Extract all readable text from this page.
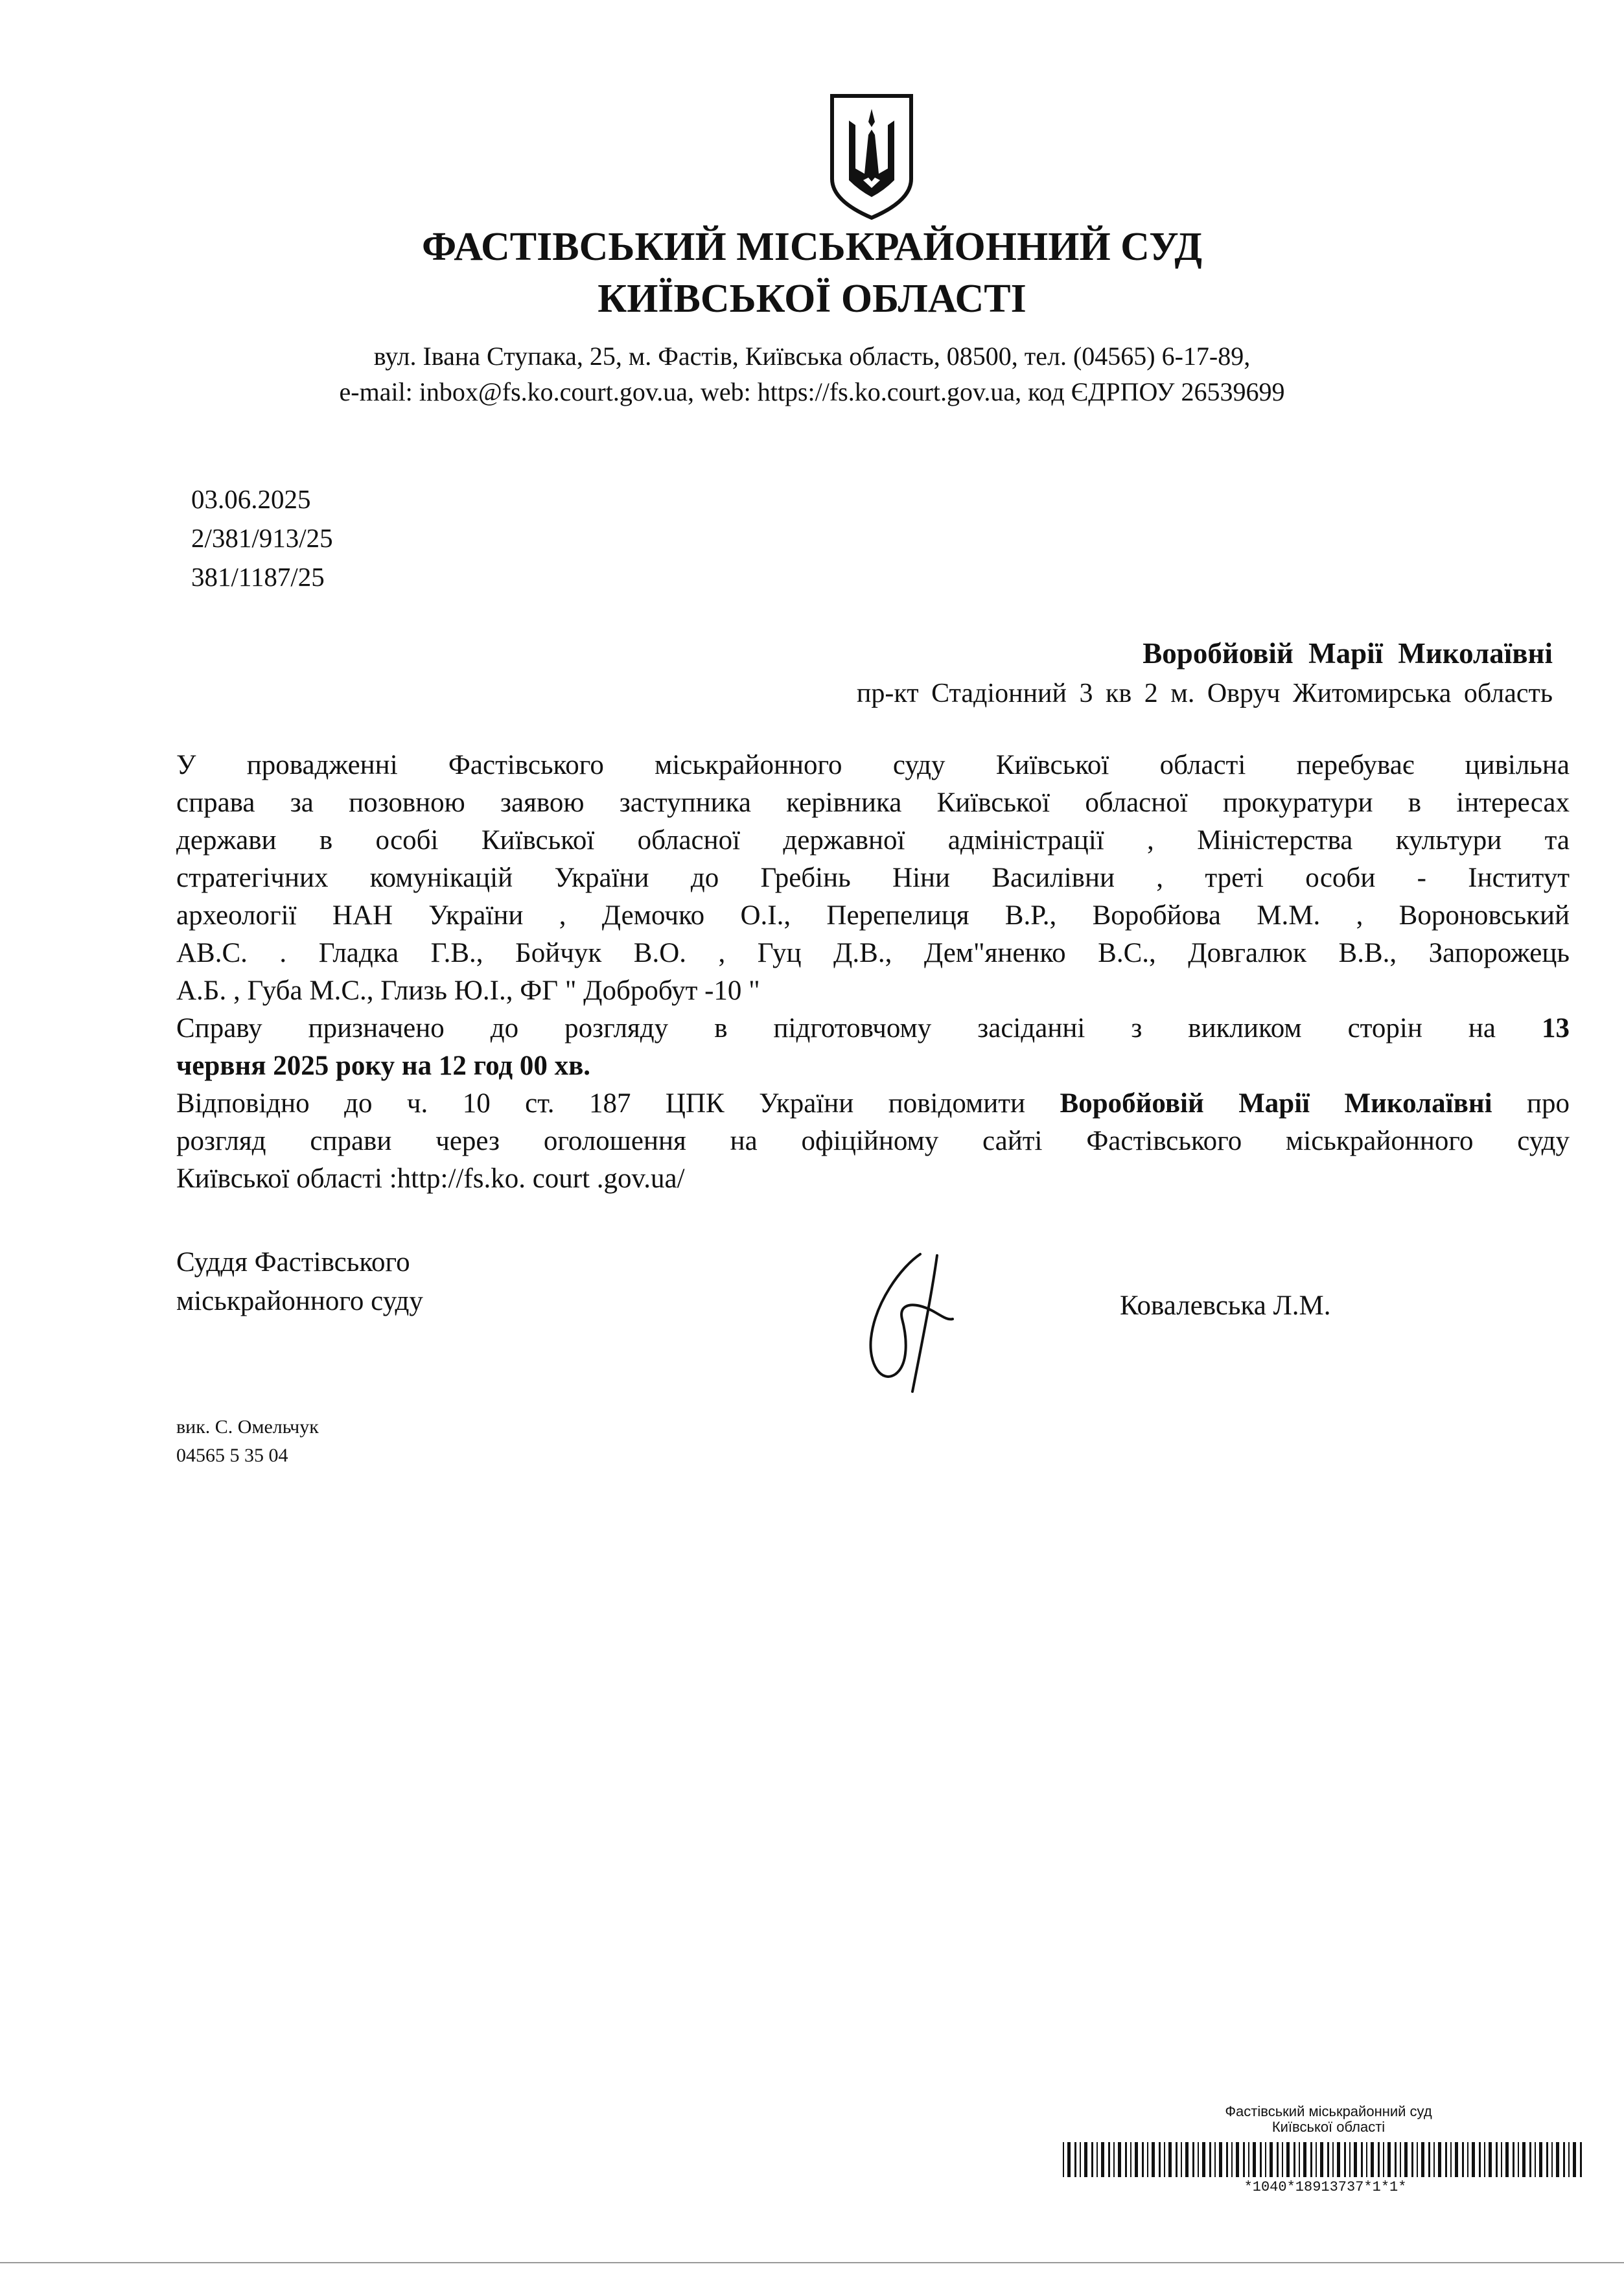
ФАСТІВСЬКИЙ МІСЬКРАЙОННИЙ СУД
КИЇВСЬКОЇ ОБЛАСТІ
вул. Івана Ступака, 25, м. Фастів, Київська область, 08500, тел. (04565) 6-17-89,
e-mail: inbox@fs.ko.court.gov.ua, web: https://fs.ko.court.gov.ua, код ЄДРПОУ 26539699
03.06.2025
2/381/913/25
381/1187/25
Воробйовій Марії Миколаївні
пр-кт Стадіонний 3 кв 2 м. Овруч Житомирська область
У провадженні Фастівського міськрайонного суду Київської області перебуває цивільна
справа за позовною заявою заступника керівника Київської обласної прокуратури в інтересах
держави в особі Київської обласної державної адміністрації , Міністерства культури та
стратегічних комунікацій України до Гребінь Ніни Василівни , треті особи - Інститут
археології НАН України , Демочко О.І., Перепелиця В.Р., Воробйова М.М. , Вороновський
АВ.С. . Гладка Г.В., Бойчук В.О. , Гуц Д.В., Дем"яненко В.С., Довгалюк В.В., Запорожець
А.Б. , Губа М.С., Глизь Ю.І., ФГ " Добробут -10 "
Справу призначено до розгляду в підготовчому засіданні з викликом сторін на 13
червня 2025 року на 12 год 00 хв.
Відповідно до ч. 10 ст. 187 ЦПК України повідомити Воробйовій Марії Миколаївні про
розгляд справи через оголошення на офіційному сайті Фастівського міськрайонного суду
Київської області :http://fs.ko. court .gov.ua/
Суддя Фастівського
міськрайонного суду	Ковалевська Л.М.
вик. С. Омельчук
04565 5 35 04
Фастівський міськрайонний суд
Київської області
*1040*18913737*1*1*
